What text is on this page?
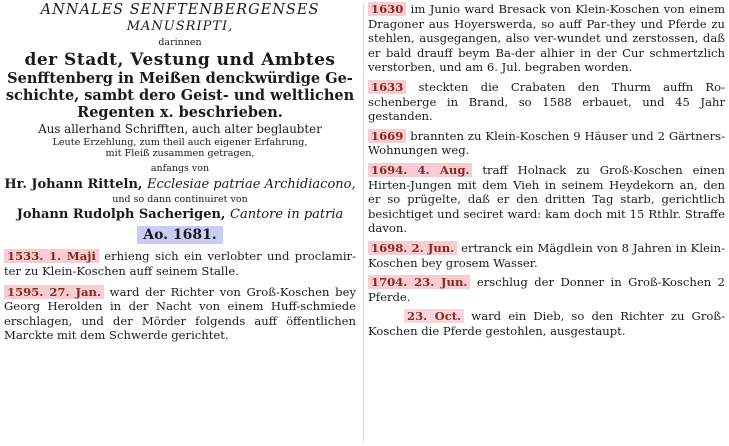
ANNALES SENFTENBERGENSES

MANUSRIPTI,

darinnen

der Stadt, Vestung und Ambtes

Senfftenberg in Meißen denckwürdige Ge-

schichte, sambt dero Geist- und weltlichen

Regenten x. beschrieben.

Aus allerhand Schrifften, auch alter beglaubter

Leute Erzehlung, zum theil auch eigener Erfahrung,

mit Fleiß zusammen getragen,

anfangs von

Hr. Johann Ritteln, Ecclesiae patriae Archidiacono,

und so dann continuiret von

Johann Rudolph Sacherigen, Cantore in patria

Ao. 1681.

1533. 1. Maji erhieng sich ein verlobter und proclamir-ter zu Klein-Koschen auff seinem Stalle.

1595. 27. Jan. ward der Richter von Groß-Koschen bey Georg Herolden in der Nacht von einem Huff-schmiede erschlagen, und der Mörder folgends auff öffentlichen Marckte mit dem Schwerde gerichtet.

1630 im Junio ward Bresack von Klein-Koschen von einem Dragoner aus Hoyerswerda, so auff Par-they und Pferde zu stehlen, ausgegangen, also ver-wundet und zerstossen, daß er bald drauff beym Ba-der alhier in der Cur schmertzlich verstorben, und am 6. Jul. begraben worden.

1633 steckten die Crabaten den Thurm auffn Ro-schenberge in Brand, so 1588 erbauet, und 45 Jahr gestanden.

1669 brannten zu Klein-Koschen 9 Häuser und 2 Gärtners-Wohnungen weg.

1694. 4. Aug. traff Holnack zu Groß-Koschen einen Hirten-Jungen mit dem Vieh in seinem Heydekorn an, den er so prügelte, daß er den dritten Tag starb, gerichtlich besichtiget und seciret ward: kam doch mit 15 Rthlr. Straffe davon.

1698. 2. Jun. ertranck ein Mägdlein von 8 Jahren in Klein-Koschen bey grosem Wasser.

1704. 23. Jun. erschlug der Donner in Groß-Koschen 2 Pferde.

23. Oct. ward ein Dieb, so den Richter zu Groß-Koschen die Pferde gestohlen, ausgestaupt.
